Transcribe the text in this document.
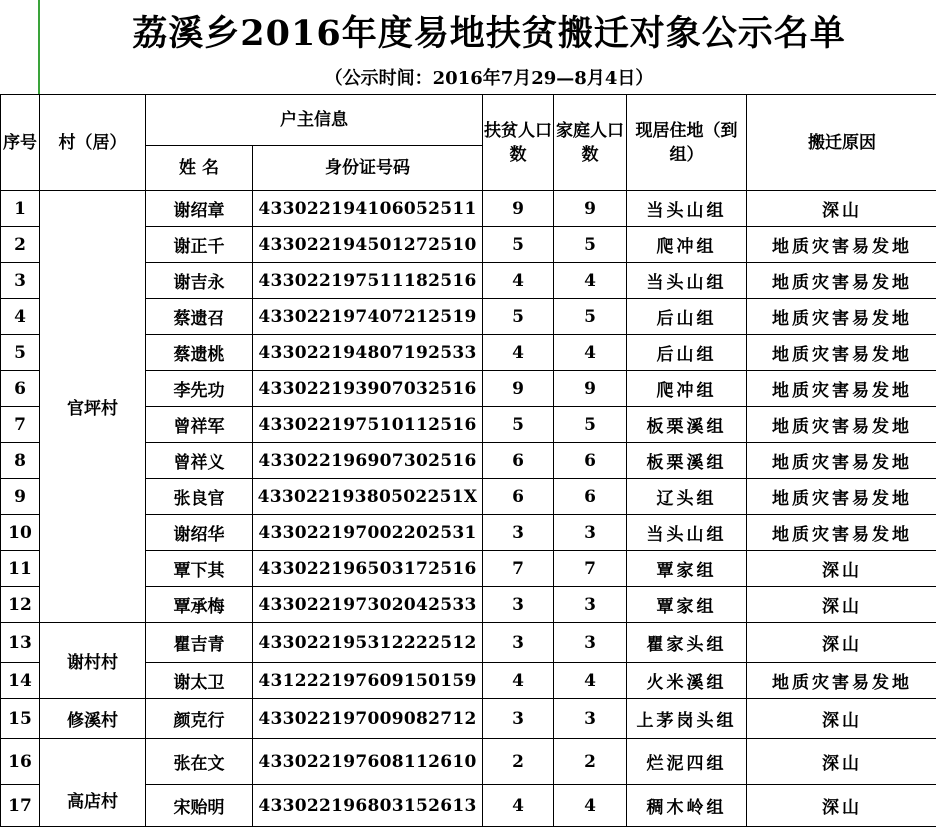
荔溪乡2016年度易地扶贫搬迁对象公示名单
（公示时间：2016年7月29—8月4日）
序号	村（居）	户主信息		扶贫人口数	家庭人口数	现居住地（到组）	搬迁原因
		姓 名	身份证号码				
1	官坪村	谢绍章	433022194106052511	9	9	当头山组	深山
2		谢正千	433022194501272510	5	5	爬冲组	地质灾害易发地
3		谢吉永	433022197511182516	4	4	当头山组	地质灾害易发地
4		蔡遗召	433022197407212519	5	5	后山组	地质灾害易发地
5		蔡遗桃	433022194807192533	4	4	后山组	地质灾害易发地
6		李先功	433022193907032516	9	9	爬冲组	地质灾害易发地
7		曾祥军	433022197510112516	5	5	板栗溪组	地质灾害易发地
8		曾祥义	433022196907302516	6	6	板栗溪组	地质灾害易发地
9		张良官	43302219380502251X	6	6	辽头组	地质灾害易发地
10		谢绍华	433022197002202531	3	3	当头山组	地质灾害易发地
11		覃下其	433022196503172516	7	7	覃家组	深山
12		覃承梅	433022197302042533	3	3	覃家组	深山
13	谢村村	瞿吉青	433022195312222512	3	3	瞿家头组	深山
14		谢太卫	431222197609150159	4	4	火米溪组	地质灾害易发地
15	修溪村	颜克行	433022197009082712	3	3	上茅岗头组	深山
16	高店村	张在文	433022197608112610	2	2	烂泥四组	深山
17		宋贻明	433022196803152613	4	4	稠木岭组	深山
